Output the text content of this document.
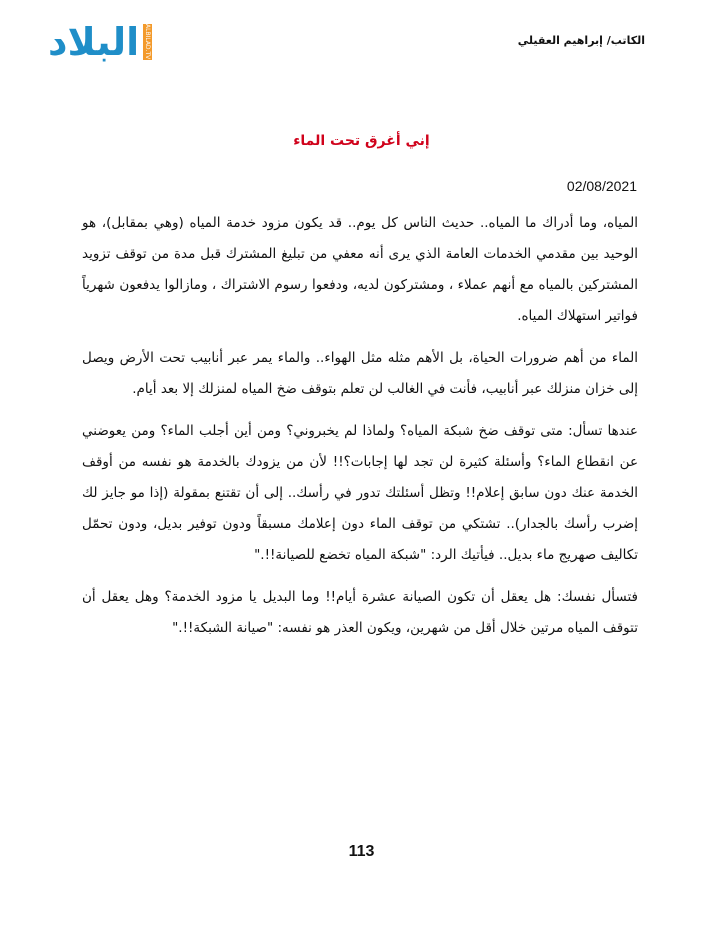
البلاد ALBILAD.TV	الكاتب/ إبراهيم العقيلي
إني أغرق تحت الماء
02/08/2021

المياه، وما أدراك ما المياه.. حديث الناس كل يوم.. قد يكون مزود خدمة المياه (وهي بمقابل)، هو الوحيد بين مقدمي الخدمات العامة الذي يرى أنه معفي من تبليغ المشترك قبل مدة من توقف تزويد المشتركين بالمياه مع أنهم عملاء ، ومشتركون لديه، ودفعوا رسوم الاشتراك ، ومازالوا يدفعون شهرياً فواتير استهلاك المياه.

الماء من أهم ضرورات الحياة، بل الأهم مثله مثل الهواء.. والماء يمر عبر أنابيب تحت الأرض ويصل إلى خزان منزلك عبر أنابيب، فأنت في الغالب لن تعلم بتوقف ضخ المياه لمنزلك إلا بعد أيام.

عندها تسأل: متى توقف ضخ شبكة المياه؟ ولماذا لم يخبروني؟ ومن أين أجلب الماء؟ ومن يعوضني عن انقطاع الماء؟ وأسئلة كثيرة لن تجد لها إجابات؟!! لأن من يزودك بالخدمة هو نفسه من أوقف الخدمة عنك دون سابق إعلام!! وتظل أسئلتك تدور في رأسك.. إلى أن تقتنع بمقولة (إذا مو جايز لك إضرب رأسك بالجدار).. تشتكي من توقف الماء دون إعلامك مسبقاً ودون توفير بديل، ودون تحمّل تكاليف صهريج ماء بديل.. فيأتيك الرد: "شبكة المياه تخضع للصيانة!!."

فتسأل نفسك: هل يعقل أن تكون الصيانة عشرة أيام!! وما البديل يا مزود الخدمة؟ وهل يعقل أن تتوقف المياه مرتين خلال أقل من شهرين، ويكون العذر هو نفسه: "صيانة الشبكة!!."

113
